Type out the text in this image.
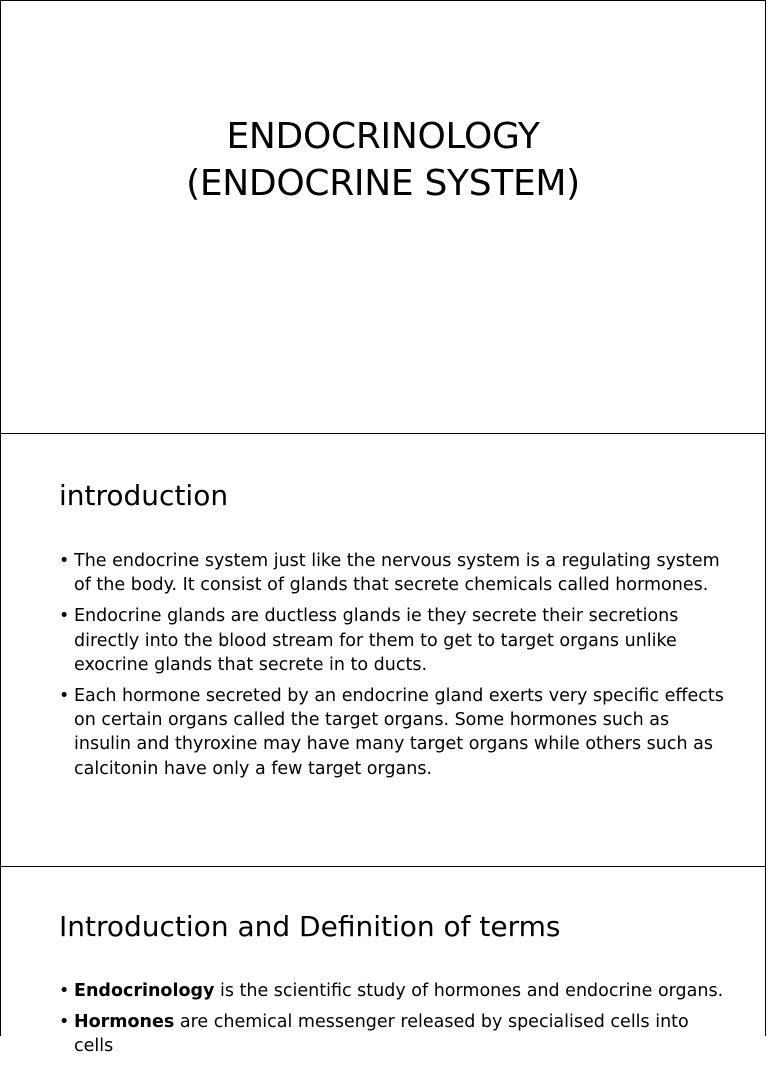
ENDOCRINOLOGY
(ENDOCRINE SYSTEM)
introduction
• The endocrine system just like the nervous system is a regulating system of the body. It consist of glands that secrete chemicals called hormones.
• Endocrine glands are ductless glands ie they secrete their secretions directly into the blood stream for them to get to target organs unlike exocrine glands that secrete in to ducts.
• Each hormone secreted by an endocrine gland exerts very specific effects on certain organs called the target organs. Some hormones such as insulin and thyroxine may have many target organs while others such as calcitonin have only a few target organs.
Introduction and Definition of terms
• Endocrinology is the scientific study of hormones and endocrine organs.
• Hormones are chemical messenger released by specialised cells into cells
